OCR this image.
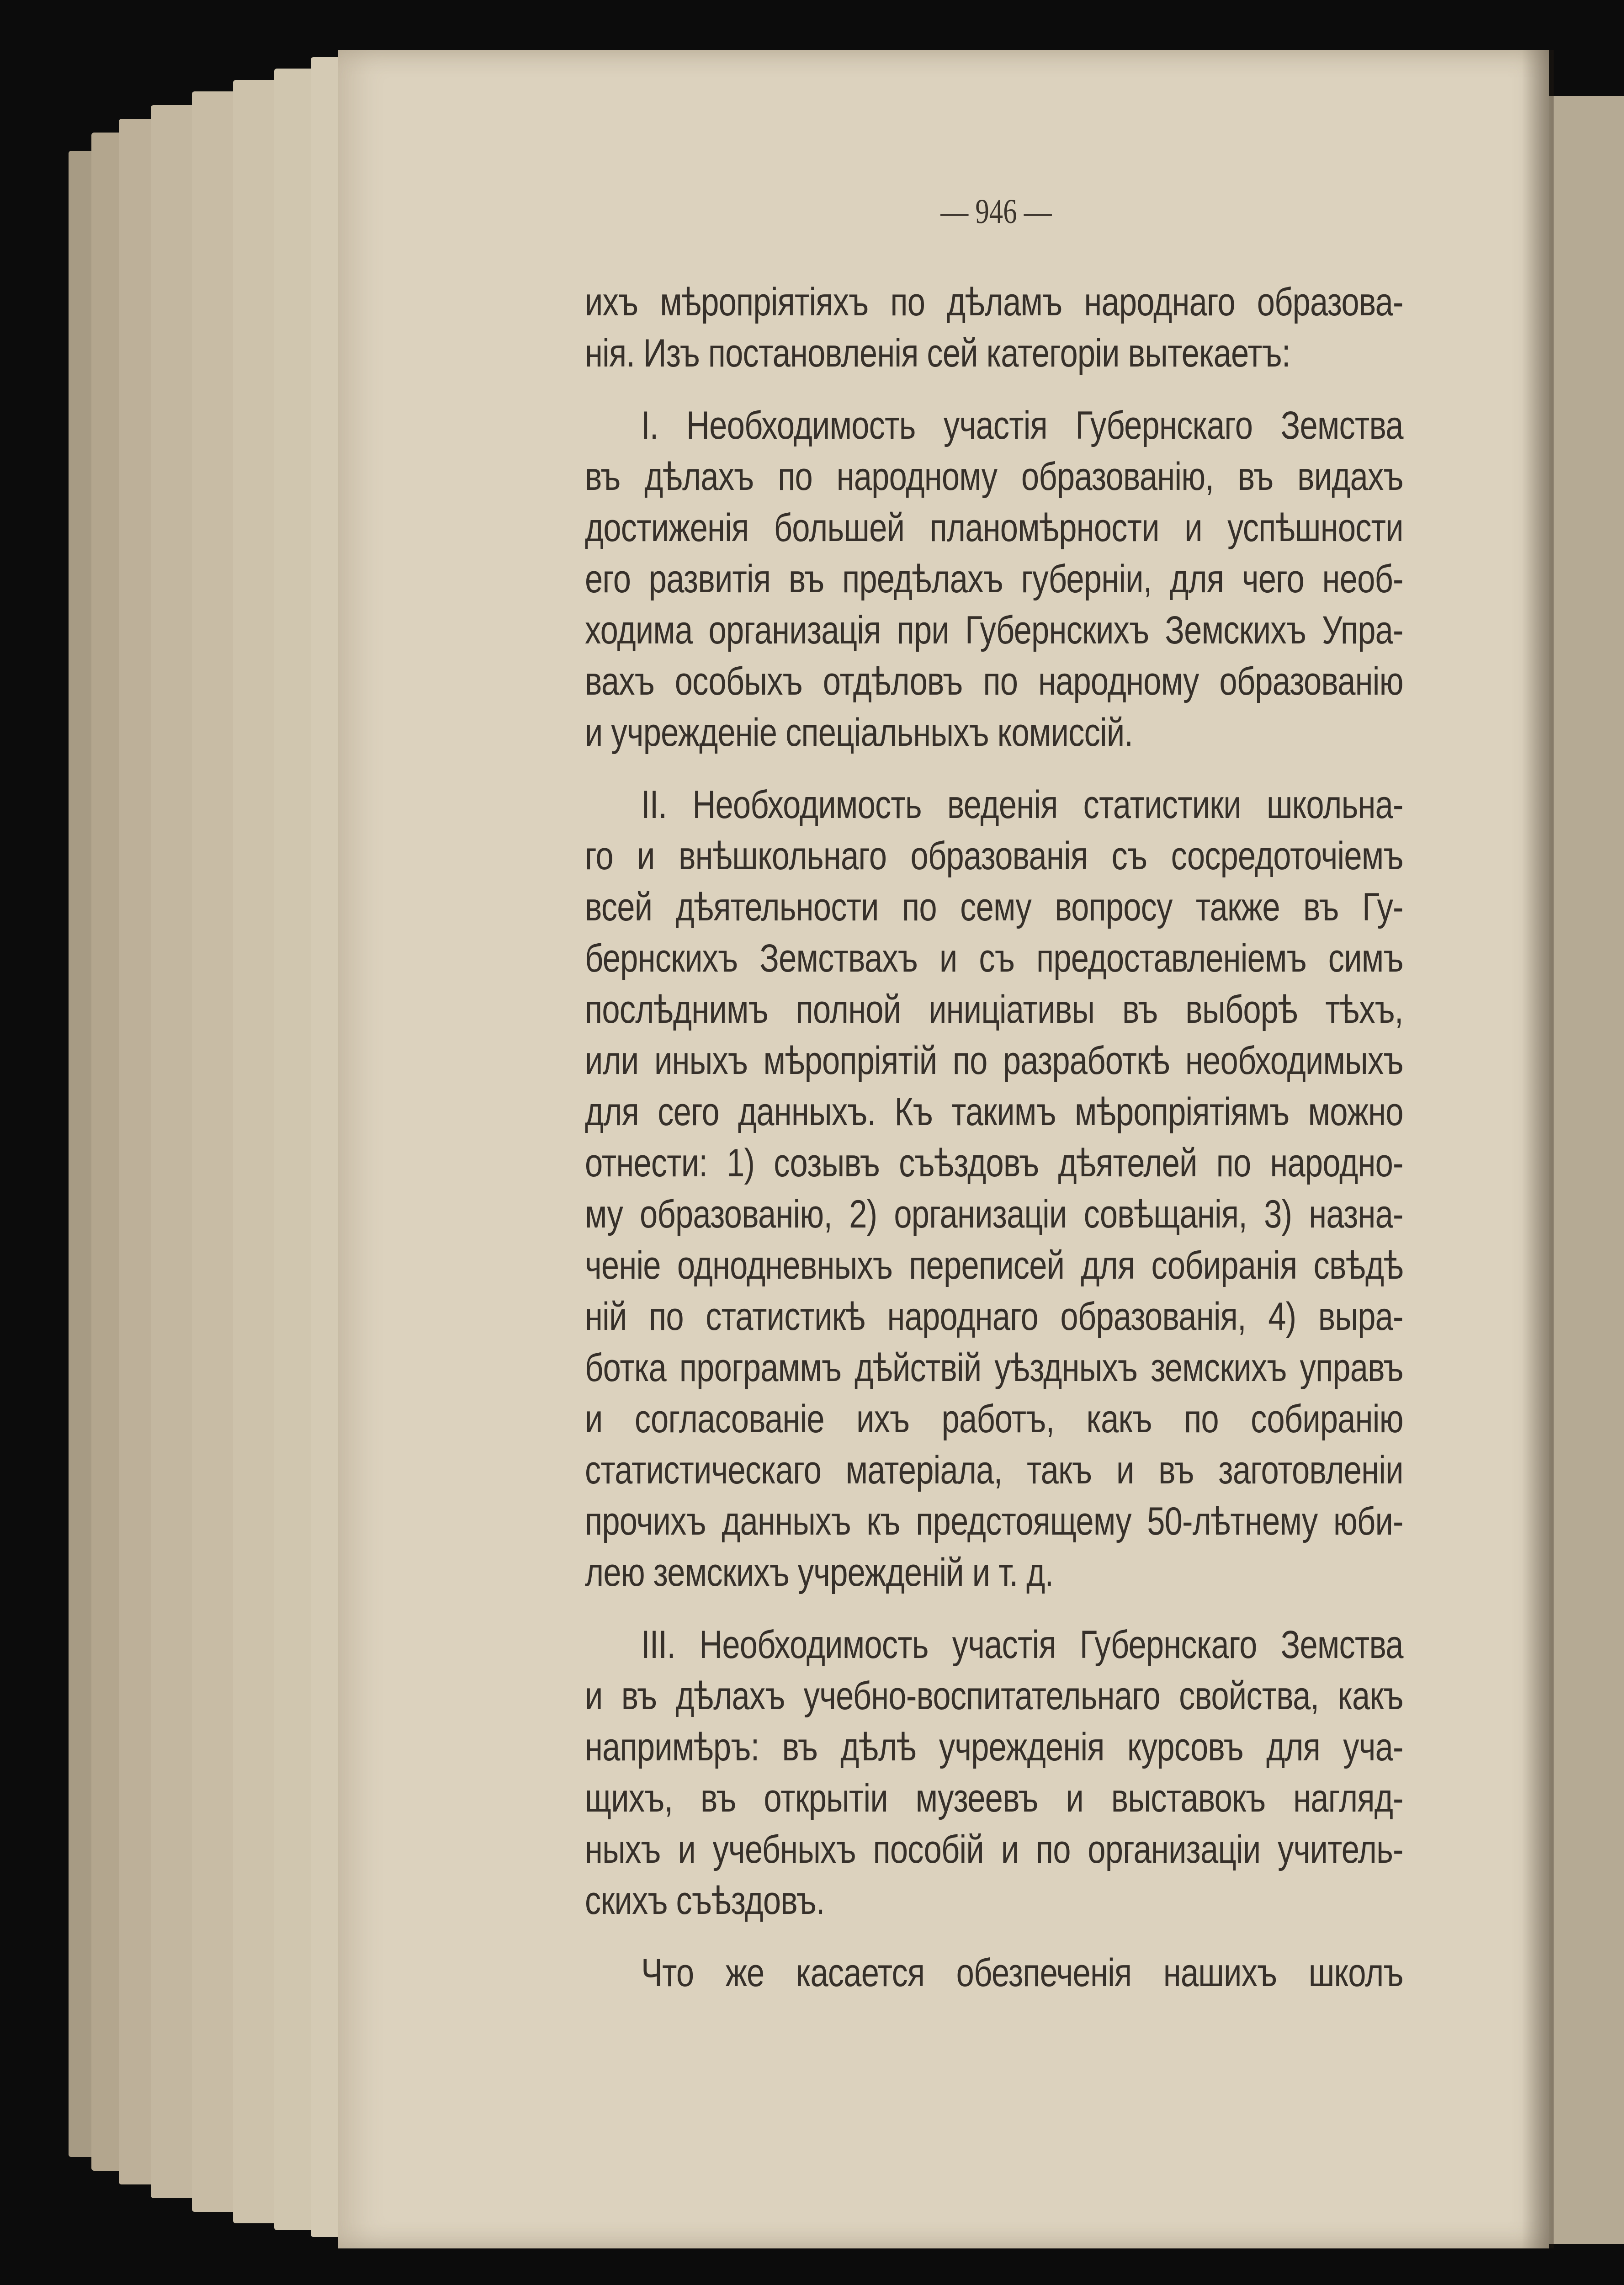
— 946 —
ихъ мѣропріятіяхъ по дѣламъ народнаго образова-
нія. Изъ постановленія сей категоріи вытекаетъ:
I. Необходимость участія Губернскаго Земства
въ дѣлахъ по народному образованію, въ видахъ
достиженія большей планомѣрности и успѣшности
его развитія въ предѣлахъ губерніи, для чего необ-
ходима организація при Губернскихъ Земскихъ Упра-
вахъ особыхъ отдѣловъ по народному образованію
и учрежденіе спеціальныхъ комиссій.
II. Необходимость веденія статистики школьна-
го и внѣшкольнаго образованія съ сосредоточіемъ
всей дѣятельности по сему вопросу также въ Гу-
бернскихъ Земствахъ и съ предоставленіемъ симъ
послѣднимъ полной иниціативы въ выборѣ тѣхъ,
или иныхъ мѣропріятій по разработкѣ необходимыхъ
для сего данныхъ. Къ такимъ мѣропріятіямъ можно
отнести: 1) созывъ съѣздовъ дѣятелей по народно-
му образованію, 2) организаціи совѣщанія, 3) назна-
ченіе однодневныхъ переписей для собиранія свѣдѣ
ній по статистикѣ народнаго образованія, 4) выра-
ботка программъ дѣйствій уѣздныхъ земскихъ управъ
и согласованіе ихъ работъ, какъ по собиранію
статистическаго матеріала, такъ и въ заготовленіи
прочихъ данныхъ къ предстоящему 50-лѣтнему юби-
лею земскихъ учрежденій и т. д.
III. Необходимость участія Губернскаго Земства
и въ дѣлахъ учебно-воспитательнаго свойства, какъ
напримѣръ: въ дѣлѣ учрежденія курсовъ для уча-
щихъ, въ открытіи музеевъ и выставокъ нагляд-
ныхъ и учебныхъ пособій и по организаціи учитель-
скихъ съѣздовъ.
Что же касается обезпеченія нашихъ школъ
